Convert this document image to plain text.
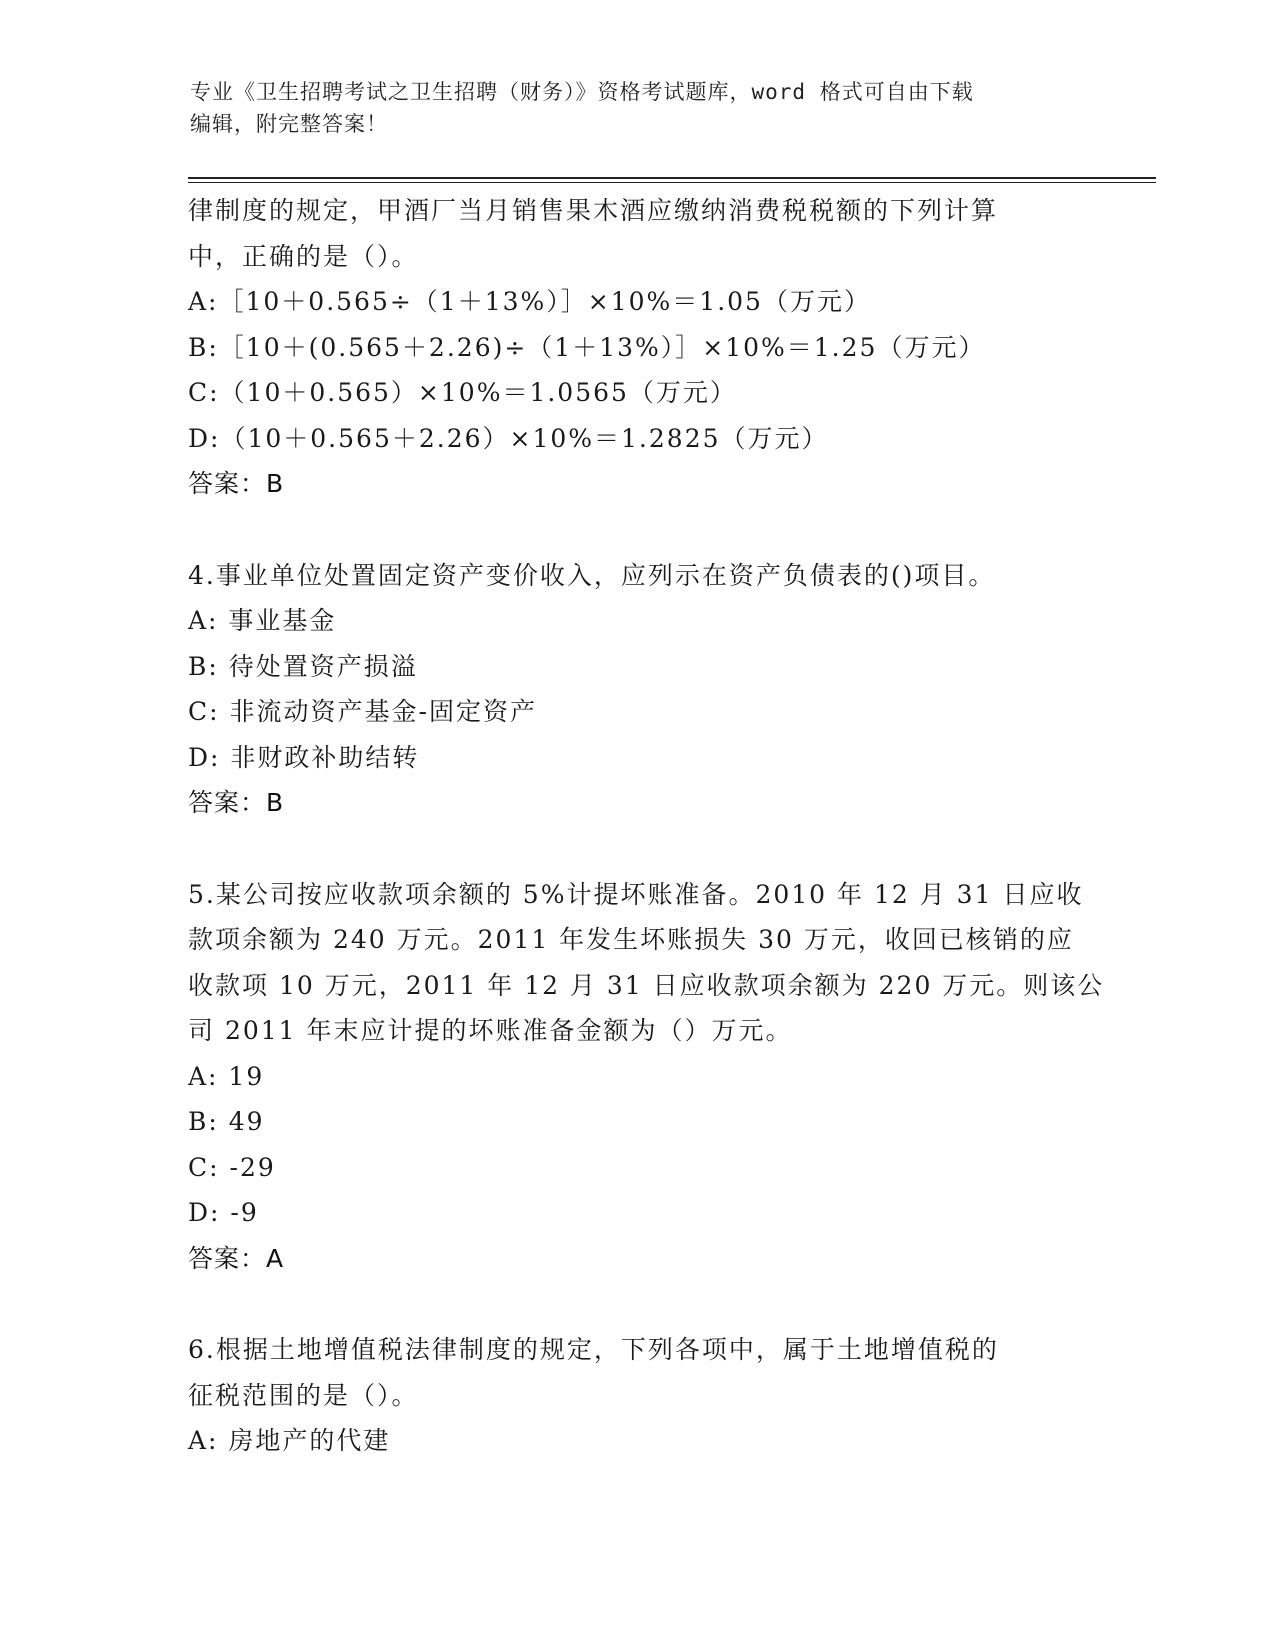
专业《卫生招聘考试之卫生招聘（财务）》资格考试题库，word 格式可自由下载
编辑，附完整答案！
律制度的规定，甲酒厂当月销售果木酒应缴纳消费税税额的下列计算
中，正确的是（）。
A:［10＋0.565÷（1＋13%）］×10%＝1.05（万元）
B:［10＋(0.565＋2.26)÷（1＋13%）］×10%＝1.25（万元）
C:（10＋0.565）×10%＝1.0565（万元）
D:（10＋0.565＋2.26）×10%＝1.2825（万元）
答案：B
4.事业单位处置固定资产变价收入，应列示在资产负债表的()项目。
A: 事业基金
B: 待处置资产损溢
C: 非流动资产基金-固定资产
D: 非财政补助结转
答案：B
5.某公司按应收款项余额的 5%计提坏账准备。2010 年 12 月 31 日应收
款项余额为 240 万元。2011 年发生坏账损失 30 万元，收回已核销的应
收款项 10 万元，2011 年 12 月 31 日应收款项余额为 220 万元。则该公
司 2011 年末应计提的坏账准备金额为（）万元。
A: 19
B: 49
C: -29
D: -9
答案：A
6.根据土地增值税法律制度的规定，下列各项中，属于土地增值税的
征税范围的是（）。
A: 房地产的代建
